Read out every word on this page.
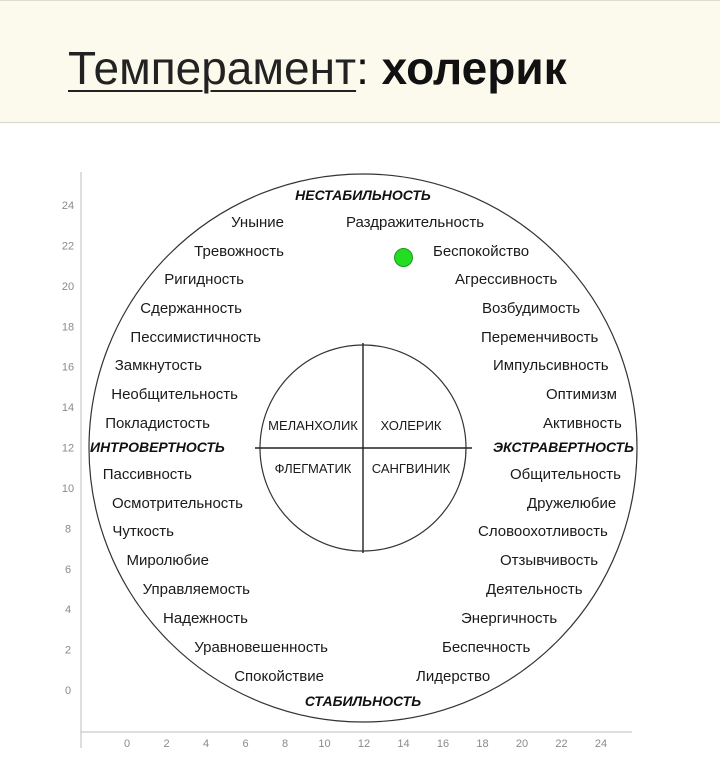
Темперамент: холерик
0
2
4
6
8
10
12
14
16
18
20
22
24
0	2	4	6	8	10 12 14 16 18 20 22 24
НЕСТАБИЛЬНОСТЬ
СТАБИЛЬНОСТЬ
ИНТРОВЕРТНОСТЬ	ЭКСТРАВЕРТНОСТЬ
МЕЛАНХОЛИК ХОЛЕРИК
ФЛЕГМАТИК САНГВИНИК
Уныние
Тревожность
Ригидность
Сдержанность
Пессимистичность
Замкнутость
Необщительность
Покладистость
Раздражительность
Беспокойство
Агрессивность
Возбудимость
Переменчивость
Импульсивность
Оптимизм
Активность
Пассивность
Осмотрительность
Чуткость
Миролюбие
Управляемость
Надежность
Уравновешенность
Спокойствие
Общительность
Дружелюбие
Словоохотливость
Отзывчивость
Деятельность
Энергичность
Беспечность
Лидерство
